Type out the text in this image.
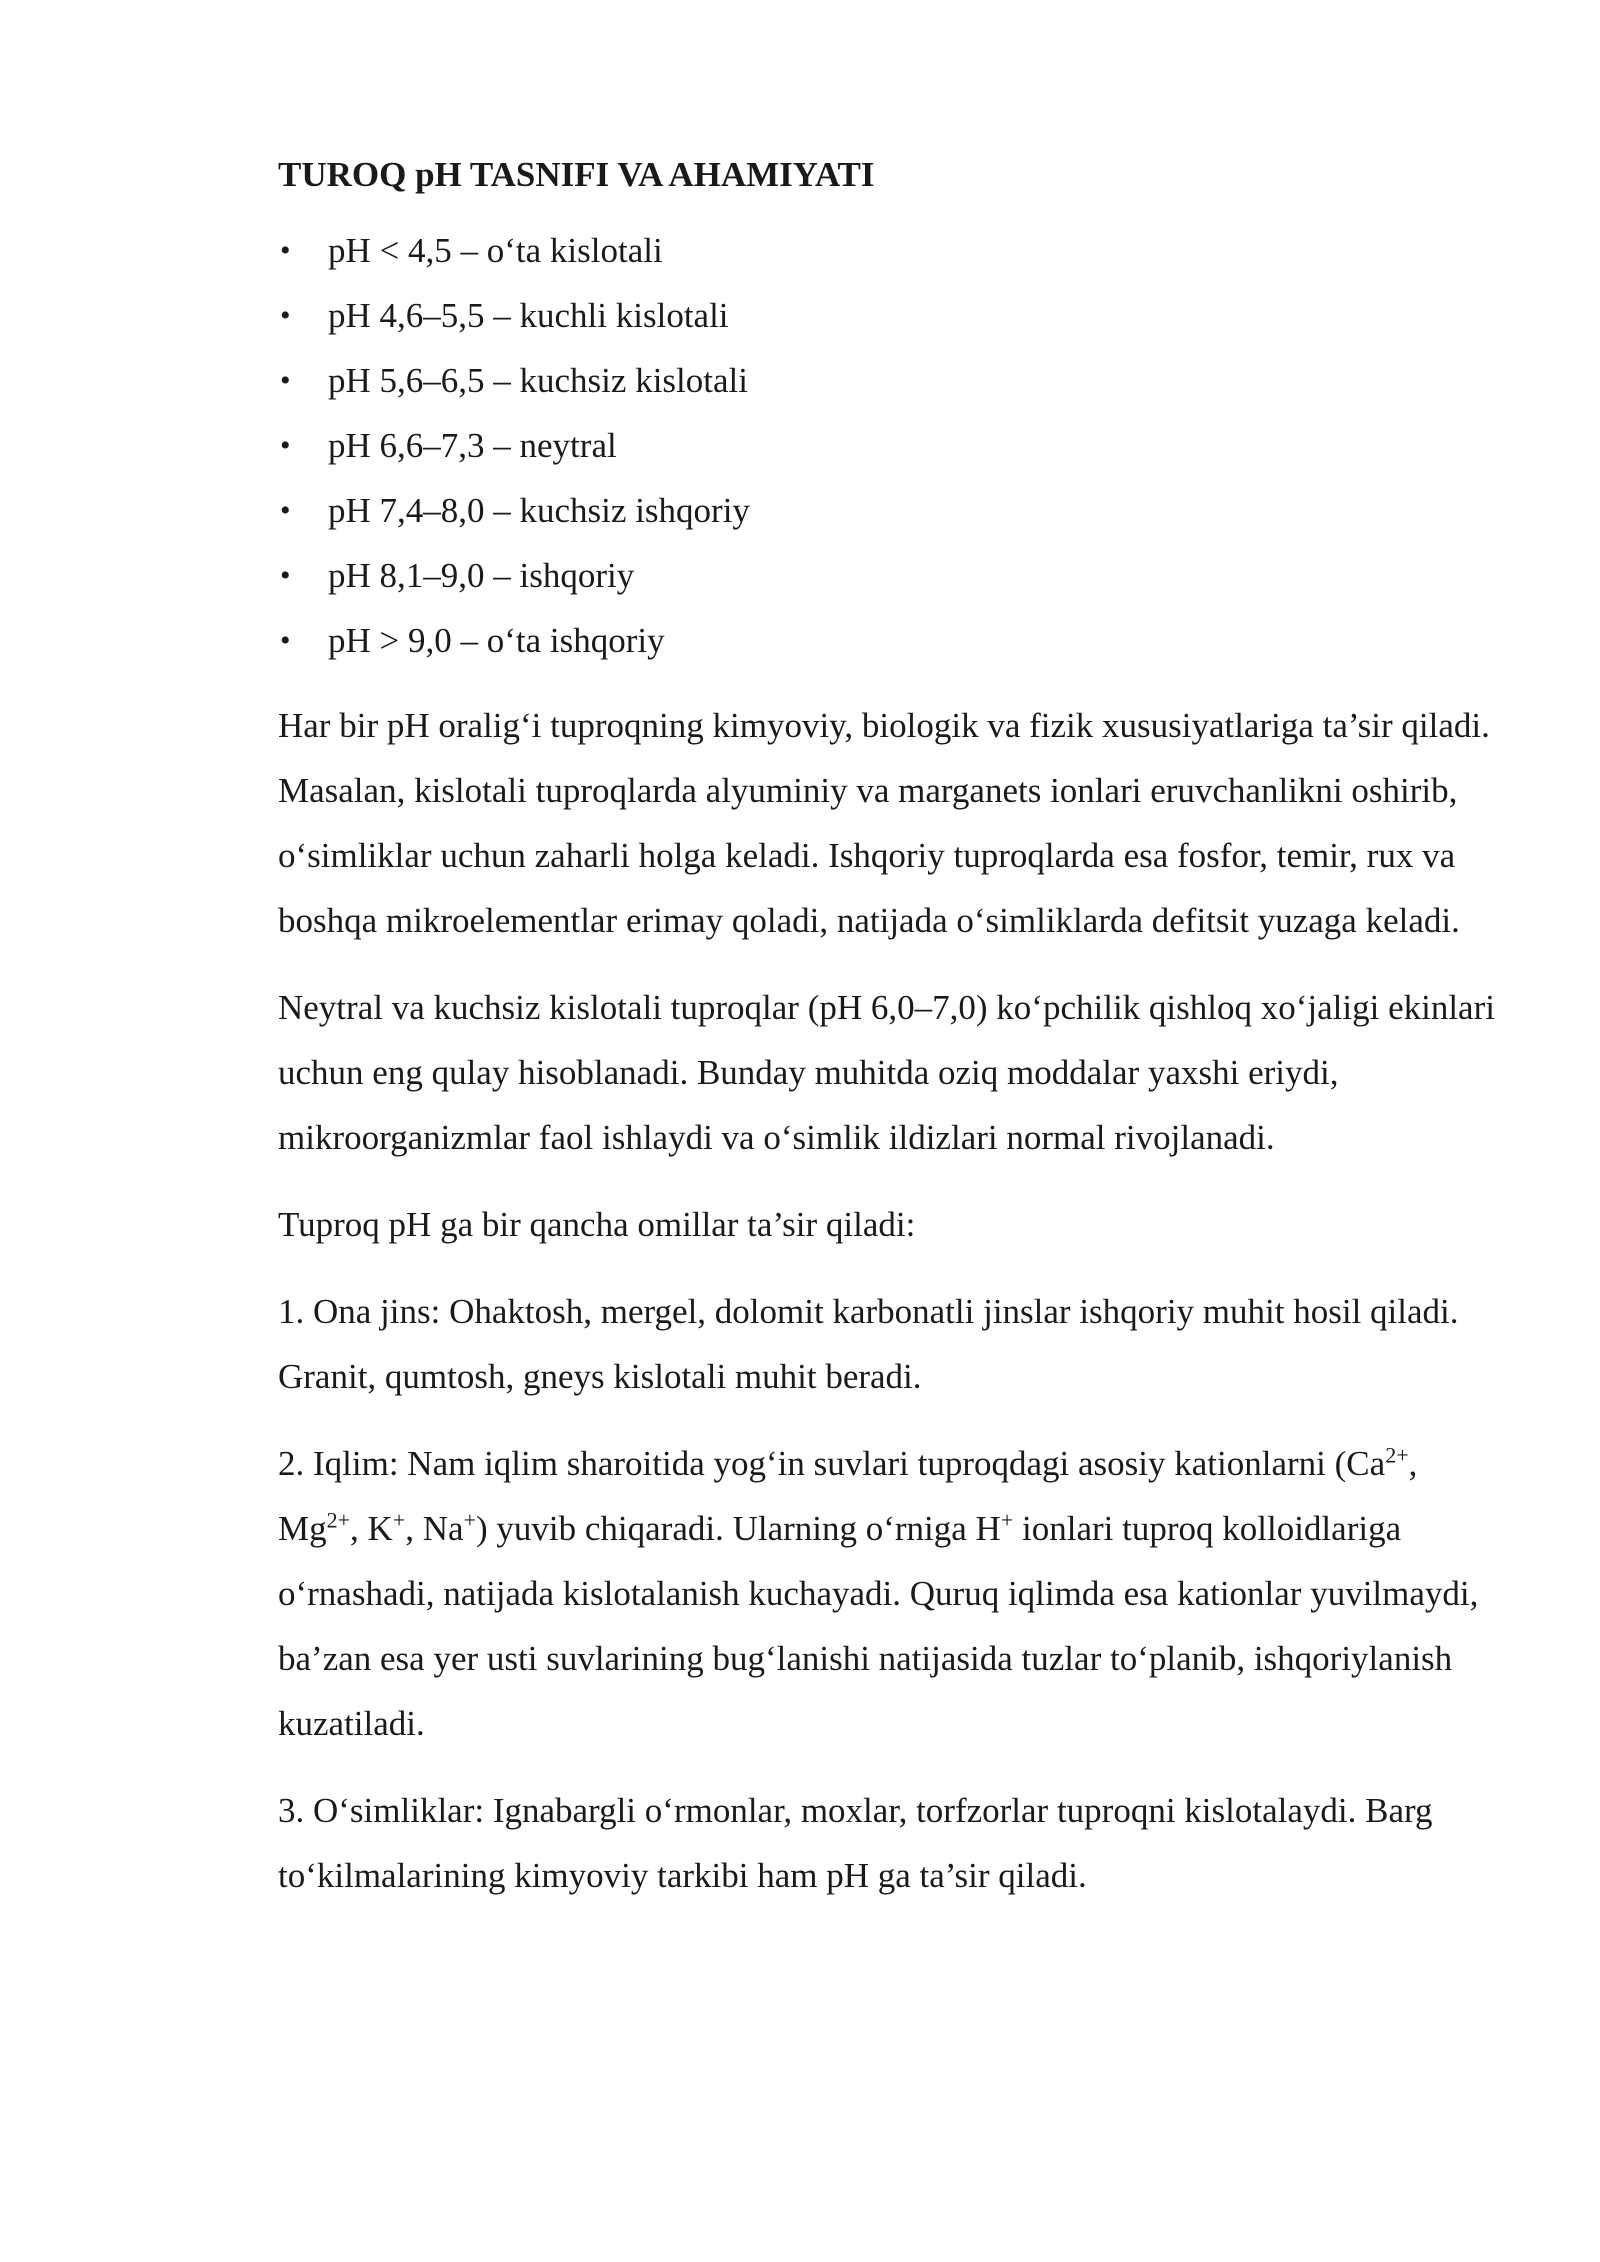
TUROQ pH TASNIFI VA AHAMIYATI
• pH < 4,5 – o‘ta kislotali
• pH 4,6–5,5 – kuchli kislotali
• pH 5,6–6,5 – kuchsiz kislotali
• pH 6,6–7,3 – neytral
• pH 7,4–8,0 – kuchsiz ishqoriy
• pH 8,1–9,0 – ishqoriy
• pH > 9,0 – o‘ta ishqoriy

Har bir pH oralig‘i tuproqning kimyoviy, biologik va fizik xususiyatlariga ta’sir qiladi. Masalan, kislotali tuproqlarda alyuminiy va marganets ionlari eruvchanlikni oshirib, o‘simliklar uchun zaharli holga keladi. Ishqoriy tuproqlarda esa fosfor, temir, rux va boshqa mikroelementlar erimay qoladi, natijada o‘simliklarda defitsit yuzaga keladi.

Neytral va kuchsiz kislotali tuproqlar (pH 6,0–7,0) ko‘pchilik qishloq xo‘jaligi ekinlari uchun eng qulay hisoblanadi. Bunday muhitda oziq moddalar yaxshi eriydi, mikroorganizmlar faol ishlaydi va o‘simlik ildizlari normal rivojlanadi.

Tuproq pH ga bir qancha omillar ta’sir qiladi:

1. Ona jins: Ohaktosh, mergel, dolomit karbonatli jinslar ishqoriy muhit hosil qiladi. Granit, qumtosh, gneys kislotali muhit beradi.

2. Iqlim: Nam iqlim sharoitida yog‘in suvlari tuproqdagi asosiy kationlarni ($Ca^{2+}$, $Mg^{2+}$, K+, Na+) yuvib chiqaradi. Ularning o‘rniga H+ ionlari tuproq kolloidlariga o‘rnashadi, natijada kislotalanish kuchayadi. Quruq iqlimda esa kationlar yuvilmaydi, ba’zan esa yer usti suvlarining bug‘lanishi natijasida tuzlar to‘planib, ishqoriylanish kuzatiladi.

3. O‘simliklar: Ignabargli o‘rmonlar, moxlar, torfzorlar tuproqni kislotalaydi. Barg to‘kilmalarining kimyoviy tarkibi ham pH ga ta’sir qiladi.
